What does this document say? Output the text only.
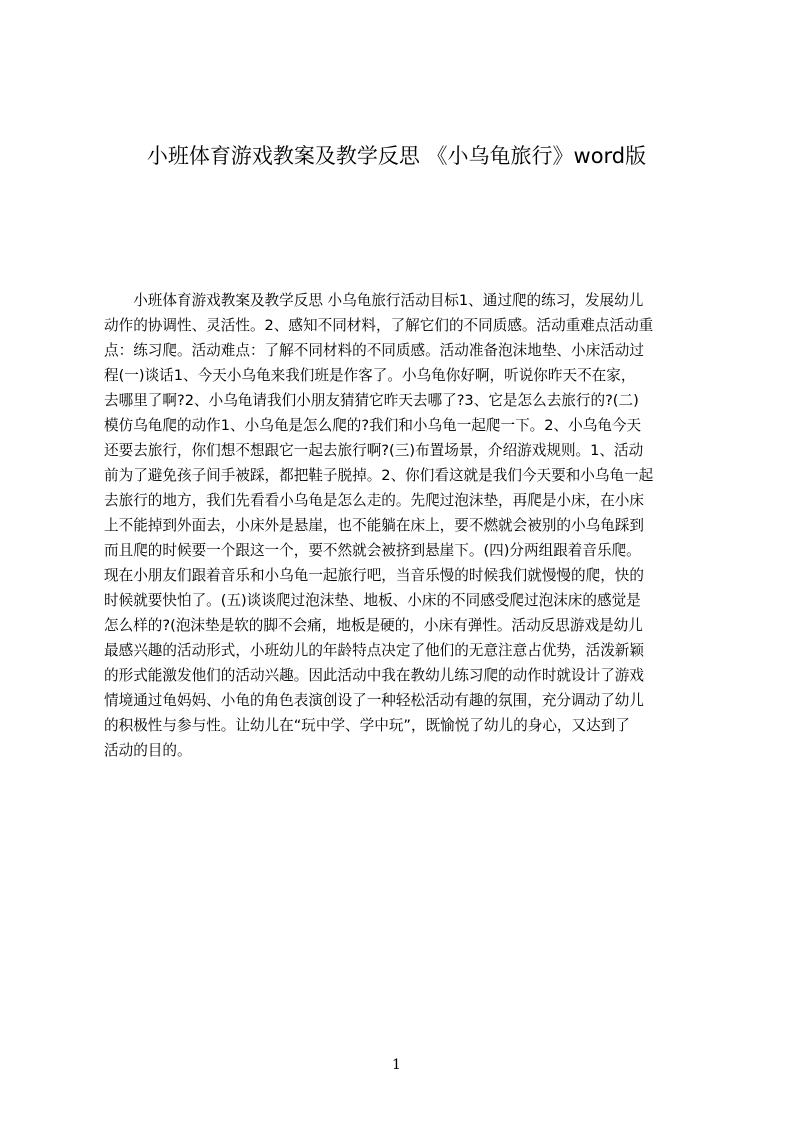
小班体育游戏教案及教学反思 《小乌龟旅行》word版
　　小班体育游戏教案及教学反思 小乌龟旅行活动目标1、通过爬的练习，发展幼儿
动作的协调性、灵活性。2、感知不同材料，了解它们的不同质感。活动重难点活动重
点：练习爬。活动难点：了解不同材料的不同质感。活动准备泡沫地垫、小床活动过
程(一)谈话1、今天小乌龟来我们班是作客了。小乌龟你好啊，听说你昨天不在家，
去哪里了啊?2、小乌龟请我们小朋友猜猜它昨天去哪了?3、它是怎么去旅行的?(二)
模仿乌龟爬的动作1、小乌龟是怎么爬的?我们和小乌龟一起爬一下。2、小乌龟今天
还要去旅行，你们想不想跟它一起去旅行啊?(三)布置场景，介绍游戏规则。1、活动
前为了避免孩子间手被踩，都把鞋子脱掉。2、你们看这就是我们今天要和小乌龟一起
去旅行的地方，我们先看看小乌龟是怎么走的。先爬过泡沫垫，再爬是小床，在小床
上不能掉到外面去，小床外是悬崖，也不能躺在床上，要不燃就会被别的小乌龟踩到
而且爬的时候要一个跟这一个，要不然就会被挤到悬崖下。(四)分两组跟着音乐爬。
现在小朋友们跟着音乐和小乌龟一起旅行吧，当音乐慢的时候我们就慢慢的爬，快的
时候就要快怕了。(五)谈谈爬过泡沫垫、地板、小床的不同感受爬过泡沫床的感觉是
怎么样的?(泡沫垫是软的脚不会痛，地板是硬的，小床有弹性。活动反思游戏是幼儿
最感兴趣的活动形式，小班幼儿的年龄特点决定了他们的无意注意占优势，活泼新颖
的形式能激发他们的活动兴趣。因此活动中我在教幼儿练习爬的动作时就设计了游戏
情境通过龟妈妈、小龟的角色表演创设了一种轻松活动有趣的氛围，充分调动了幼儿
的积极性与参与性。让幼儿在“玩中学、学中玩”，既愉悦了幼儿的身心，又达到了
活动的目的。
1
